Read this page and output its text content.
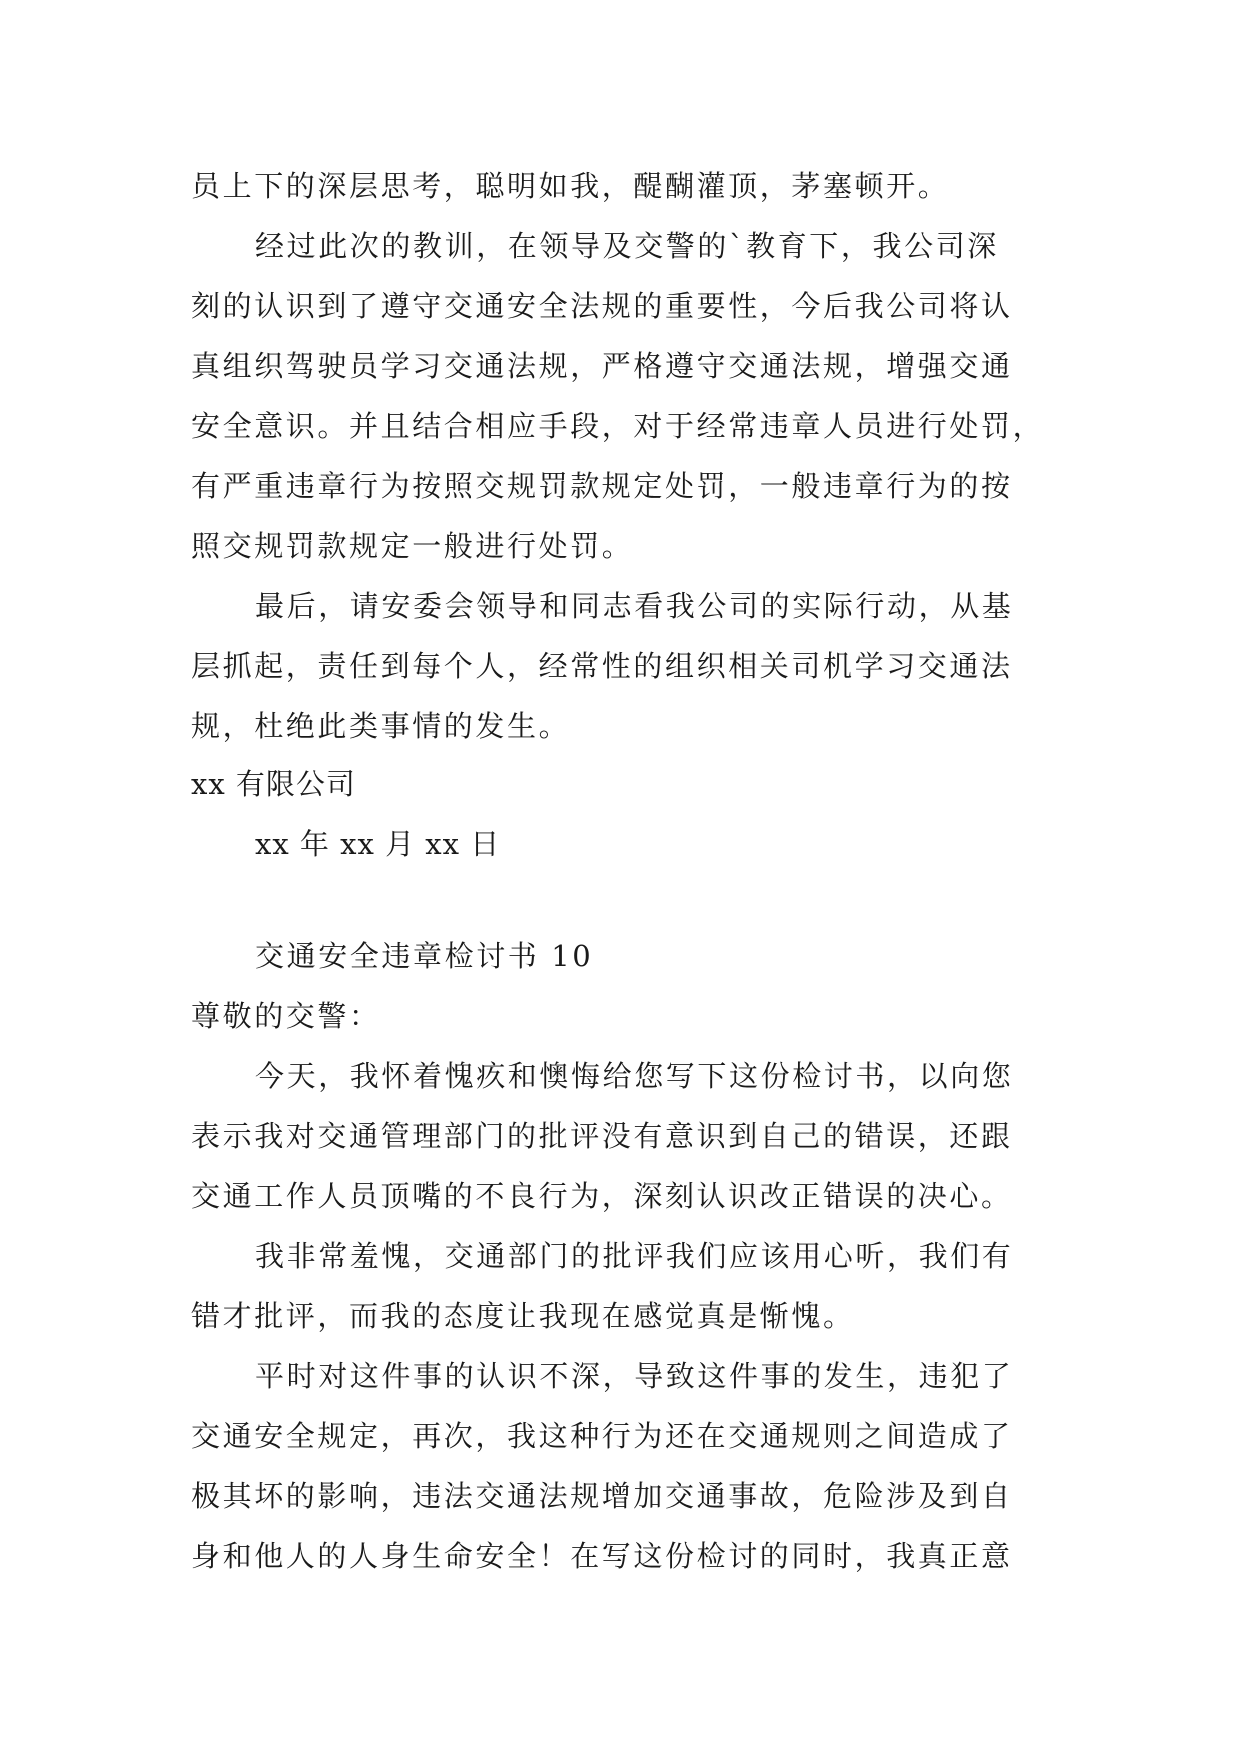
员上下的深层思考，聪明如我，醍醐灌顶，茅塞顿开。
经过此次的教训，在领导及交警的`教育下，我公司深
刻的认识到了遵守交通安全法规的重要性，今后我公司将认
真组织驾驶员学习交通法规，严格遵守交通法规，增强交通
安全意识。并且结合相应手段，对于经常违章人员进行处罚，
有严重违章行为按照交规罚款规定处罚，一般违章行为的按
照交规罚款规定一般进行处罚。
最后，请安委会领导和同志看我公司的实际行动，从基
层抓起，责任到每个人，经常性的组织相关司机学习交通法
规，杜绝此类事情的发生。
xx 有限公司
xx 年 xx 月 xx 日
交通安全违章检讨书 10
尊敬的交警：
今天，我怀着愧疚和懊悔给您写下这份检讨书，以向您
表示我对交通管理部门的批评没有意识到自己的错误，还跟
交通工作人员顶嘴的不良行为，深刻认识改正错误的决心。
我非常羞愧，交通部门的批评我们应该用心听，我们有
错才批评，而我的态度让我现在感觉真是惭愧。
平时对这件事的认识不深，导致这件事的发生，违犯了
交通安全规定，再次，我这种行为还在交通规则之间造成了
极其坏的影响，违法交通法规增加交通事故，危险涉及到自
身和他人的人身生命安全！在写这份检讨的同时，我真正意
